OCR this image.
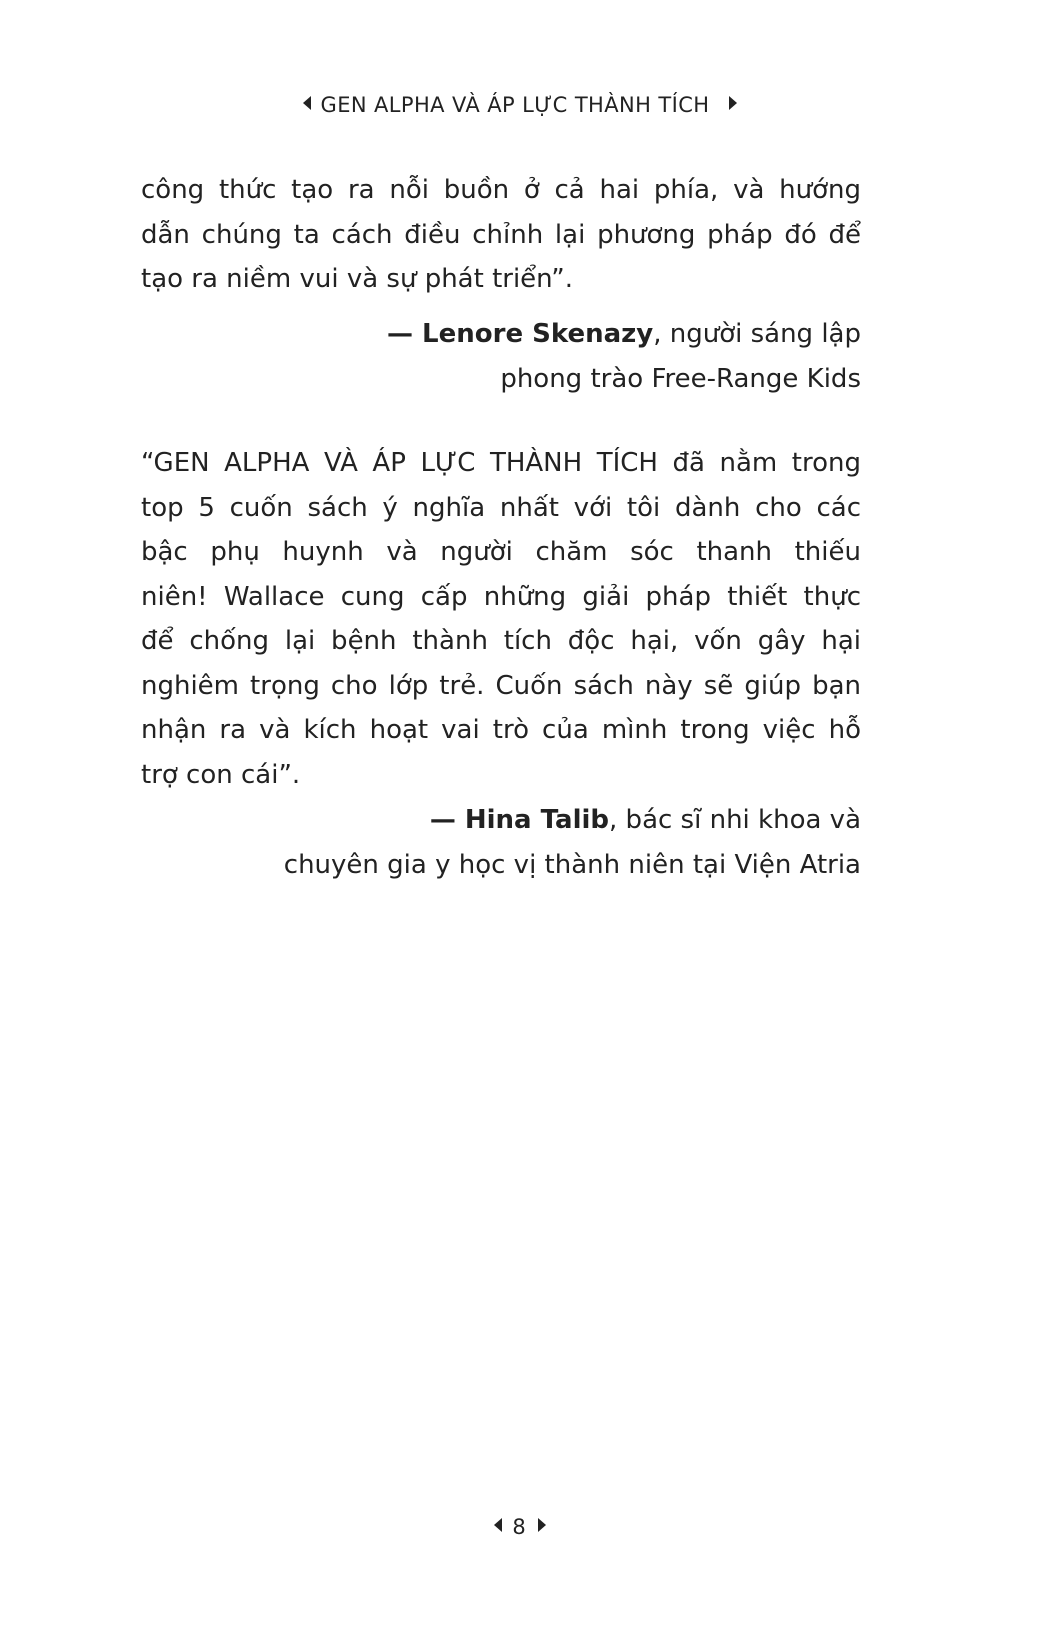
GEN ALPHA VÀ ÁP LỰC THÀNH TÍCH
công thức tạo ra nỗi buồn ở cả hai phía, và hướng
dẫn chúng ta cách điều chỉnh lại phương pháp đó để
tạo ra niềm vui và sự phát triển”.
— Lenore Skenazy, người sáng lập
phong trào Free-Range Kids
“GEN ALPHA VÀ ÁP LỰC THÀNH TÍCH đã nằm trong
top 5 cuốn sách ý nghĩa nhất với tôi dành cho các
bậc phụ huynh và người chăm sóc thanh thiếu
niên! Wallace cung cấp những giải pháp thiết thực
để chống lại bệnh thành tích độc hại, vốn gây hại
nghiêm trọng cho lớp trẻ. Cuốn sách này sẽ giúp bạn
nhận ra và kích hoạt vai trò của mình trong việc hỗ
trợ con cái”.
— Hina Talib, bác sĩ nhi khoa và
chuyên gia y học vị thành niên tại Viện Atria
8
